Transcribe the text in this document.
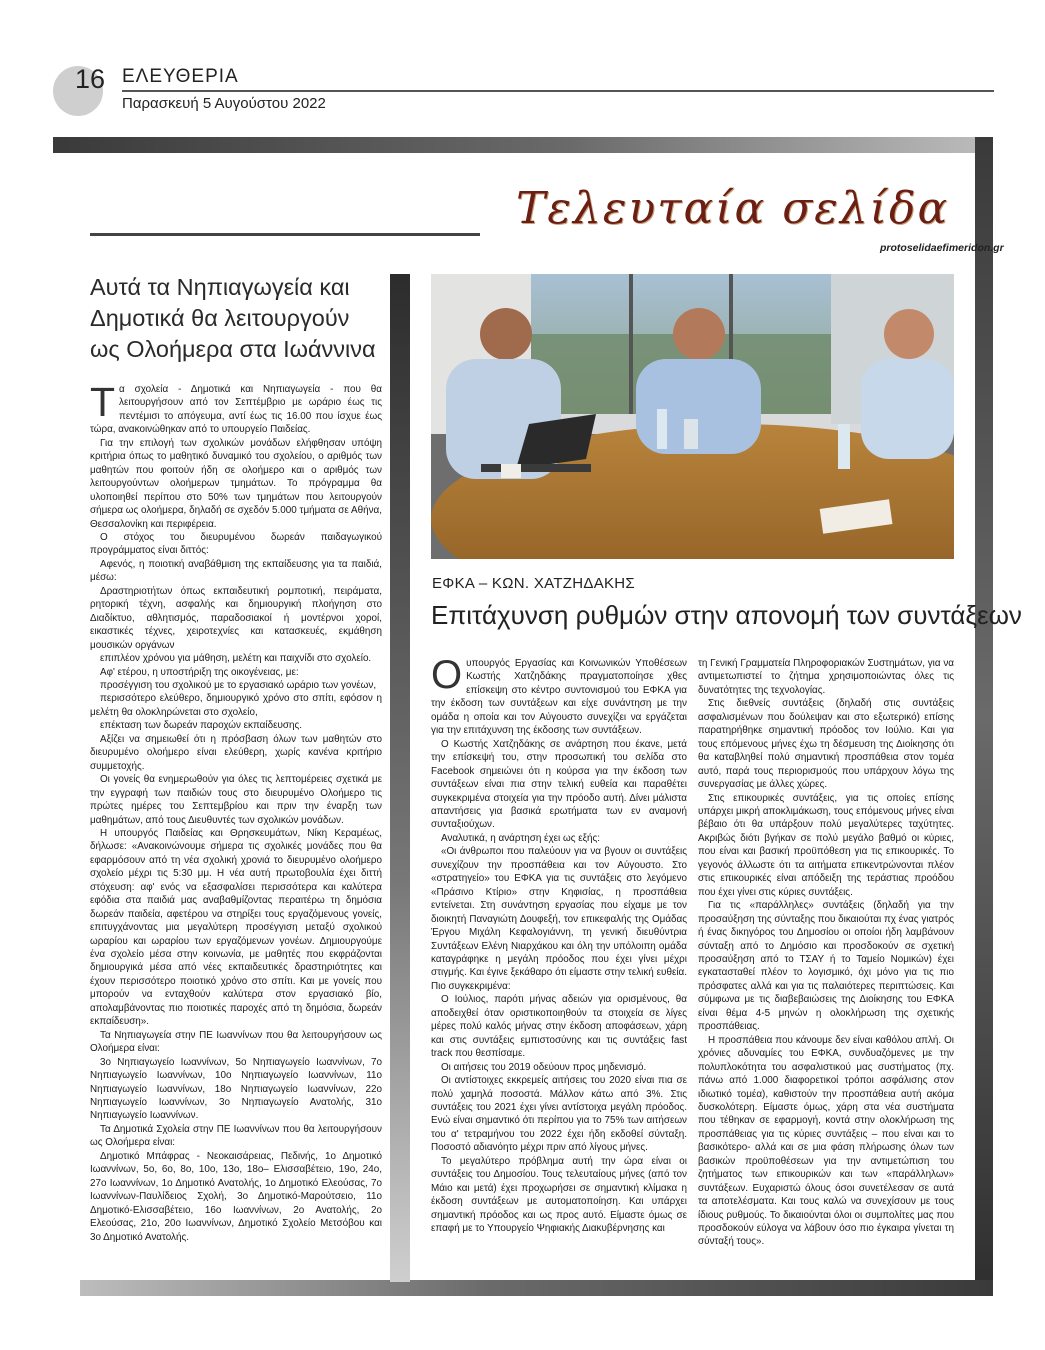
16 ΕΛΕΥΘΕΡΙΑ
Παρασκευή 5 Αυγούστου 2022
Τελευταία σελίδα
protoselidaefimeridon.gr
Αυτά τα Νηπιαγωγεία και
Δημοτικά θα λειτουργούν
ως Ολοήμερα στα Ιωάννινα

Τα σχολεία - Δημοτικά και Νηπιαγωγεία - που θα λειτουργήσουν από τον Σεπτέμβριο με ωράριο έως τις πεντέμισι το απόγευμα, αντί έως τις 16.00 που ίσχυε έως τώρα, ανακοινώθηκαν από το υπουργείο Παιδείας.

Για την επιλογή των σχολικών μονάδων ελήφθησαν υπόψη κριτήρια όπως το μαθητικό δυναμικό του σχολείου, ο αριθμός των μαθητών που φοιτούν ήδη σε ολοήμερο και ο αριθμός των λειτουργούντων ολοήμερων τμημάτων. Το πρόγραμμα θα υλοποιηθεί περίπου στο 50% των τμημάτων που λειτουργούν σήμερα ως ολοήμερα, δηλαδή σε σχεδόν 5.000 τμήματα σε Αθήνα, Θεσσαλονίκη και περιφέρεια.

Ο στόχος του διευρυμένου δωρεάν παιδαγωγικού προγράμματος είναι διττός:

Αφενός, η ποιοτική αναβάθμιση της εκπαίδευσης για τα παιδιά, μέσω:

Δραστηριοτήτων όπως εκπαιδευτική ρομποτική, πειράματα, ρητορική τέχνη, ασφαλής και δημιουργική πλοήγηση στο Διαδίκτυο, αθλητισμός, παραδοσιακοί ή μοντέρνοι χοροί, εικαστικές τέχνες, χειροτεχνίες και κατασκευές, εκμάθηση μουσικών οργάνων

επιπλέον χρόνου για μάθηση, μελέτη και παιχνίδι στο σχολείο.

Αφ' ετέρου, η υποστήριξη της οικογένειας, με:

προσέγγιση του σχολικού με το εργασιακό ωράριο των γονέων,

περισσότερο ελεύθερο, δημιουργικό χρόνο στο σπίτι, εφόσον η μελέτη θα ολοκληρώνεται στο σχολείο,

επέκταση των δωρεάν παροχών εκπαίδευσης.

Αξίζει να σημειωθεί ότι η πρόσβαση όλων των μαθητών στο διευρυμένο ολοήμερο είναι ελεύθερη, χωρίς κανένα κριτήριο συμμετοχής.

Οι γονείς θα ενημερωθούν για όλες τις λεπτομέρειες σχετικά με την εγγραφή των παιδιών τους στο διευρυμένο Ολοήμερο τις πρώτες ημέρες του Σεπτεμβρίου και πριν την έναρξη των μαθημάτων, από τους Διευθυντές των σχολικών μονάδων.

Η υπουργός Παιδείας και Θρησκευμάτων, Νίκη Κεραμέως, δήλωσε: «Ανακοινώνουμε σήμερα τις σχολικές μονάδες που θα εφαρμόσουν από τη νέα σχολική χρονιά το διευρυμένο ολοήμερο σχολείο μέχρι τις 5:30 μμ. Η νέα αυτή πρωτοβουλία έχει διττή στόχευση: αφ' ενός να εξασφαλίσει περισσότερα και καλύτερα εφόδια στα παιδιά μας αναβαθμίζοντας περαιτέρω τη δημόσια δωρεάν παιδεία, αφετέρου να στηρίξει τους εργαζόμενους γονείς, επιτυγχάνοντας μια μεγαλύτερη προσέγγιση μεταξύ σχολικού ωραρίου και ωραρίου των εργαζόμενων γονέων. Δημιουργούμε ένα σχολείο μέσα στην κοινωνία, με μαθητές που εκφράζονται δημιουργικά μέσα από νέες εκπαιδευτικές δραστηριότητες και έχουν περισσότερο ποιοτικό χρόνο στο σπίτι. Και με γονείς που μπορούν να ενταχθούν καλύτερα στον εργασιακό βίο, απολαμβάνοντας πιο ποιοτικές παροχές από τη δημόσια, δωρεάν εκπαίδευση».

Τα Νηπιαγωγεία στην ΠΕ Ιωαννίνων που θα λειτουργήσουν ως Ολοήμερα είναι:

3ο Νηπιαγωγείο Ιωαννίνων, 5ο Νηπιαγωγείο Ιωαννίνων, 7ο Νηπιαγωγείο Ιωαννίνων, 10ο Νηπιαγωγείο Ιωαννίνων, 11ο Νηπιαγωγείο Ιωαννίνων, 18ο Νηπιαγωγείο Ιωαννίνων, 22ο Νηπιαγωγείο Ιωαννίνων, 3ο Νηπιαγωγείο Ανατολής, 31ο Νηπιαγωγείο Ιωαννίνων.

Τα Δημοτικά Σχολεία στην ΠΕ Ιωαννίνων που θα λειτουργήσουν ως Ολοήμερα είναι:

Δημοτικό Μπάφρας - Νεοκαισάρειας, Πεδινής, 1ο Δημοτικό Ιωαννίνων, 5ο, 6ο, 8ο, 10ο, 13ο, 18ο– Ελισσαβέτειο, 19ο, 24ο, 27ο Ιωαννίνων, 1ο Δημοτικό Ανατολής, 1ο Δημοτικό Ελεούσας, 7ο Ιωαννίνων-Παυλίδειος Σχολή, 3ο Δημοτικό-Μαρούτσειο, 11ο Δημοτικό-Ελισσαβέτειο, 16ο Ιωαννίνων, 2ο Ανατολής, 2ο Ελεούσας, 21ο, 20ο Ιωαννίνων, Δημοτικό Σχολείο Μετσόβου και 3ο Δημοτικό Ανατολής.

ΕΦΚΑ – ΚΩΝ. ΧΑΤΖΗΔΑΚΗΣ
Επιτάχυνση ρυθμών στην απονομή των συντάξεων

Ουπουργός Εργασίας και Κοινωνικών Υποθέσεων Κωστής Χατζηδάκης πραγματοποίησε χθες επίσκεψη στο κέντρο συντονισμού του ΕΦΚΑ για την έκδοση των συντάξεων και είχε συνάντηση με την ομάδα η οποία και τον Αύγουστο συνεχίζει να εργάζεται για την επιτάχυνση της έκδοσης των συντάξεων.

Ο Κωστής Χατζηδάκης σε ανάρτηση που έκανε, μετά την επίσκεψή του, στην προσωπική του σελίδα στο Facebook σημειώνει ότι η κούρσα για την έκδοση των συντάξεων είναι πια στην τελική ευθεία και παραθέτει συγκεκριμένα στοιχεία για την πρόοδο αυτή. Δίνει μάλιστα απαντήσεις για βασικά ερωτήματα των εν αναμονή συνταξιούχων.

Αναλυτικά, η ανάρτηση έχει ως εξής:

«Οι άνθρωποι που παλεύουν για να βγουν οι συντάξεις συνεχίζουν την προσπάθεια και τον Αύγουστο. Στο «στρατηγείο» του ΕΦΚΑ για τις συντάξεις στο λεγόμενο «Πράσινο Κτίριο» στην Κηφισίας, η προσπάθεια εντείνεται. Στη συνάντηση εργασίας που είχαμε με τον διοικητή Παναγιώτη Δουφεξή, τον επικεφαλής της Ομάδας Έργου Μιχάλη Κεφαλογιάννη, τη γενική διευθύντρια Συντάξεων Ελένη Νιαρχάκου και όλη την υπόλοιπη ομάδα καταγράφηκε η μεγάλη πρόοδος που έχει γίνει μέχρι στιγμής. Και έγινε ξεκάθαρο ότι είμαστε στην τελική ευθεία. Πιο συγκεκριμένα:

Ο Ιούλιος, παρότι μήνας αδειών για ορισμένους, θα αποδειχθεί όταν οριστικοποιηθούν τα στοιχεία σε λίγες μέρες πολύ καλός μήνας στην έκδοση αποφάσεων, χάρη και στις συντάξεις εμπιστοσύνης και τις συντάξεις fast track που θεσπίσαμε.

Οι αιτήσεις του 2019 οδεύουν προς μηδενισμό.

Οι αντίστοιχες εκκρεμείς αιτήσεις του 2020 είναι πια σε πολύ χαμηλά ποσοστά. Μάλλον κάτω από 3%. Στις συντάξεις του 2021 έχει γίνει αντίστοιχα μεγάλη πρόοδος. Ενώ είναι σημαντικό ότι περίπου για το 75% των αιτήσεων του α' τετραμήνου του 2022 έχει ήδη εκδοθεί σύνταξη. Ποσοστό αδιανόητο μέχρι πριν από λίγους μήνες.

Το μεγαλύτερο πρόβλημα αυτή την ώρα είναι οι συντάξεις του Δημοσίου. Τους τελευταίους μήνες (από τον Μάιο και μετά) έχει προχωρήσει σε σημαντική κλίμακα η έκδοση συντάξεων με αυτοματοποίηση. Και υπάρχει σημαντική πρόοδος και ως προς αυτό. Είμαστε όμως σε επαφή με το Υπουργείο Ψηφιακής Διακυβέρνησης και

τη Γενική Γραμματεία Πληροφοριακών Συστημάτων, για να αντιμετωπιστεί το ζήτημα χρησιμοποιώντας όλες τις δυνατότητες της τεχνολογίας.

Στις διεθνείς συντάξεις (δηλαδή στις συντάξεις ασφαλισμένων που δούλεψαν και στο εξωτερικό) επίσης παρατηρήθηκε σημαντική πρόοδος τον Ιούλιο. Και για τους επόμενους μήνες έχω τη δέσμευση της Διοίκησης ότι θα καταβληθεί πολύ σημαντική προσπάθεια στον τομέα αυτό, παρά τους περιορισμούς που υπάρχουν λόγω της συνεργασίας με άλλες χώρες.

Στις επικουρικές συντάξεις, για τις οποίες επίσης υπάρχει μικρή αποκλιμάκωση, τους επόμενους μήνες είναι βέβαιο ότι θα υπάρξουν πολύ μεγαλύτερες ταχύτητες. Ακριβώς διότι βγήκαν σε πολύ μεγάλο βαθμό οι κύριες, που είναι και βασική προϋπόθεση για τις επικουρικές. Το γεγονός άλλωστε ότι τα αιτήματα επικεντρώνονται πλέον στις επικουρικές είναι απόδειξη της τεράστιας προόδου που έχει γίνει στις κύριες συντάξεις.

Για τις «παράλληλες» συντάξεις (δηλαδή για την προσαύξηση της σύνταξης που δικαιούται πχ ένας γιατρός ή ένας δικηγόρος του Δημοσίου οι οποίοι ήδη λαμβάνουν σύνταξη από το Δημόσιο και προσδοκούν σε σχετική προσαύξηση από το ΤΣΑΥ ή το Ταμείο Νομικών) έχει εγκατασταθεί πλέον το λογισμικό, όχι μόνο για τις πιο πρόσφατες αλλά και για τις παλαιότερες περιπτώσεις. Και σύμφωνα με τις διαβεβαιώσεις της Διοίκησης του ΕΦΚΑ είναι θέμα 4-5 μηνών η ολοκλήρωση της σχετικής προσπάθειας.

Η προσπάθεια που κάνουμε δεν είναι καθόλου απλή. Οι χρόνιες αδυναμίες του ΕΦΚΑ, συνδυαζόμενες με την πολυπλοκότητα του ασφαλιστικού μας συστήματος (πχ. πάνω από 1.000 διαφορετικοί τρόποι ασφάλισης στον ιδιωτικό τομέα), καθιστούν την προσπάθεια αυτή ακόμα δυσκολότερη. Είμαστε όμως, χάρη στα νέα συστήματα που τέθηκαν σε εφαρμογή, κοντά στην ολοκλήρωση της προσπάθειας για τις κύριες συντάξεις – που είναι και το βασικότερο- αλλά και σε μια φάση πλήρωσης όλων των βασικών προϋποθέσεων για την αντιμετώπιση του ζητήματος των επικουρικών και των «παράλληλων» συντάξεων. Ευχαριστώ όλους όσοι συνετέλεσαν σε αυτά τα αποτελέσματα. Και τους καλώ να συνεχίσουν με τους ίδιους ρυθμούς. Το δικαιούνται όλοι οι συμπολίτες μας που προσδοκούν εύλογα να λάβουν όσο πιο έγκαιρα γίνεται τη σύνταξή τους».
